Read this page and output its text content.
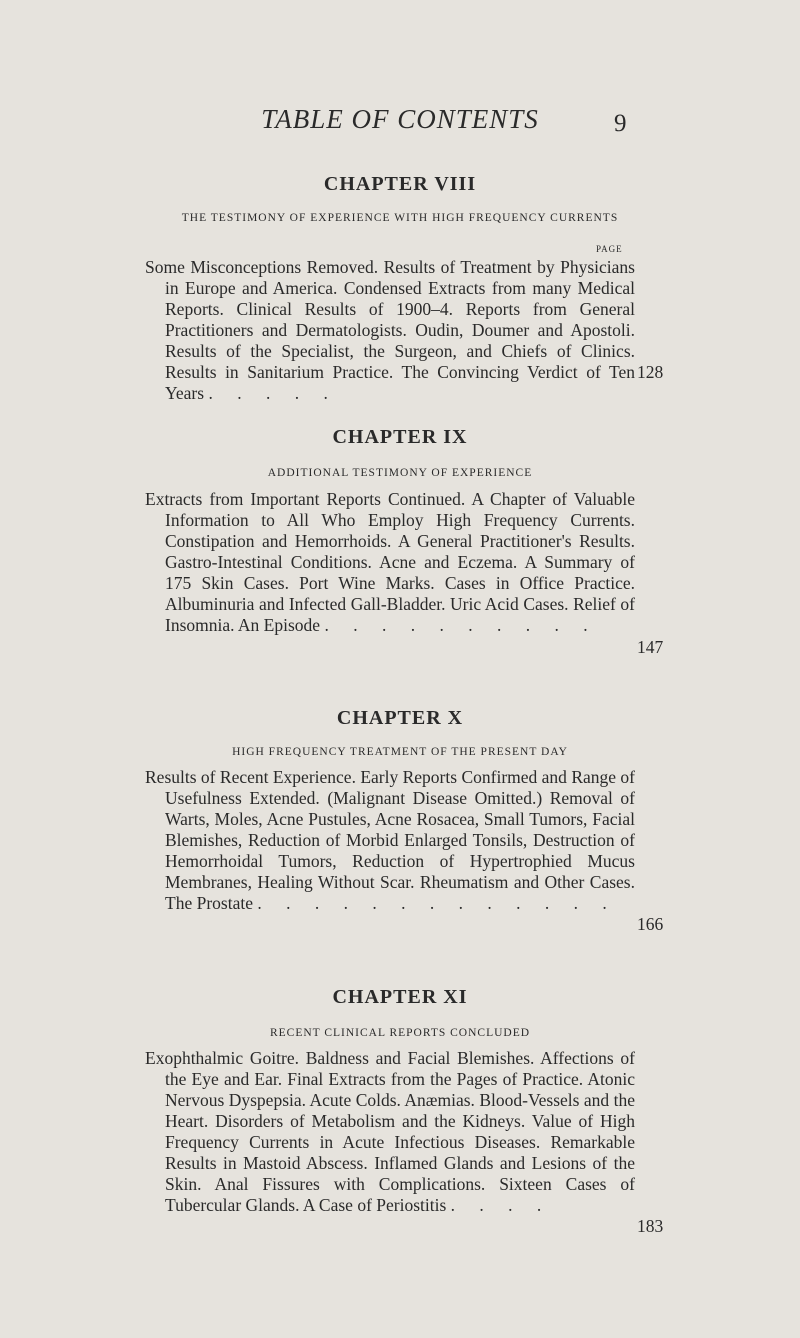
TABLE OF CONTENTS	9
CHAPTER VIII

THE TESTIMONY OF EXPERIENCE WITH HIGH FREQUENCY CURRENTS

PAGE

Some Misconceptions Removed. Results of Treatment by Physicians in Europe and America. Condensed Extracts from many Medical Reports. Clinical Results of 1900–4. Reports from General Practitioners and Dermatologists. Oudin, Doumer and Apostoli. Results of the Specialist, the Surgeon, and Chiefs of Clinics. Results in Sanitarium Practice. The Convincing Verdict of Ten Years . . . . .

128
CHAPTER IX

ADDITIONAL TESTIMONY OF EXPERIENCE

Extracts from Important Reports Continued. A Chapter of Valuable Information to All Who Employ High Frequency Currents. Constipation and Hemorrhoids. A General Practitioner's Results. Gastro-Intestinal Conditions. Acne and Eczema. A Summary of 175 Skin Cases. Port Wine Marks. Cases in Office Practice. Albuminuria and Infected Gall-Bladder. Uric Acid Cases. Relief of Insomnia. An Episode . . . . . . . . . .

147
CHAPTER X

HIGH FREQUENCY TREATMENT OF THE PRESENT DAY

Results of Recent Experience. Early Reports Confirmed and Range of Usefulness Extended. (Malignant Disease Omitted.) Removal of Warts, Moles, Acne Pustules, Acne Rosacea, Small Tumors, Facial Blemishes, Reduction of Morbid Enlarged Tonsils, Destruction of Hemorrhoidal Tumors, Reduction of Hypertrophied Mucus Membranes, Healing Without Scar. Rheumatism and Other Cases. The Prostate . . . . . . . . . . . . .

166
CHAPTER XI

RECENT CLINICAL REPORTS CONCLUDED

Exophthalmic Goitre. Baldness and Facial Blemishes. Affections of the Eye and Ear. Final Extracts from the Pages of Practice. Atonic Nervous Dyspepsia. Acute Colds. Anæmias. Blood-Vessels and the Heart. Disorders of Metabolism and the Kidneys. Value of High Frequency Currents in Acute Infectious Diseases. Remarkable Results in Mastoid Abscess. Inflamed Glands and Lesions of the Skin. Anal Fissures with Complications. Sixteen Cases of Tubercular Glands. A Case of Periostitis . . . .

183
